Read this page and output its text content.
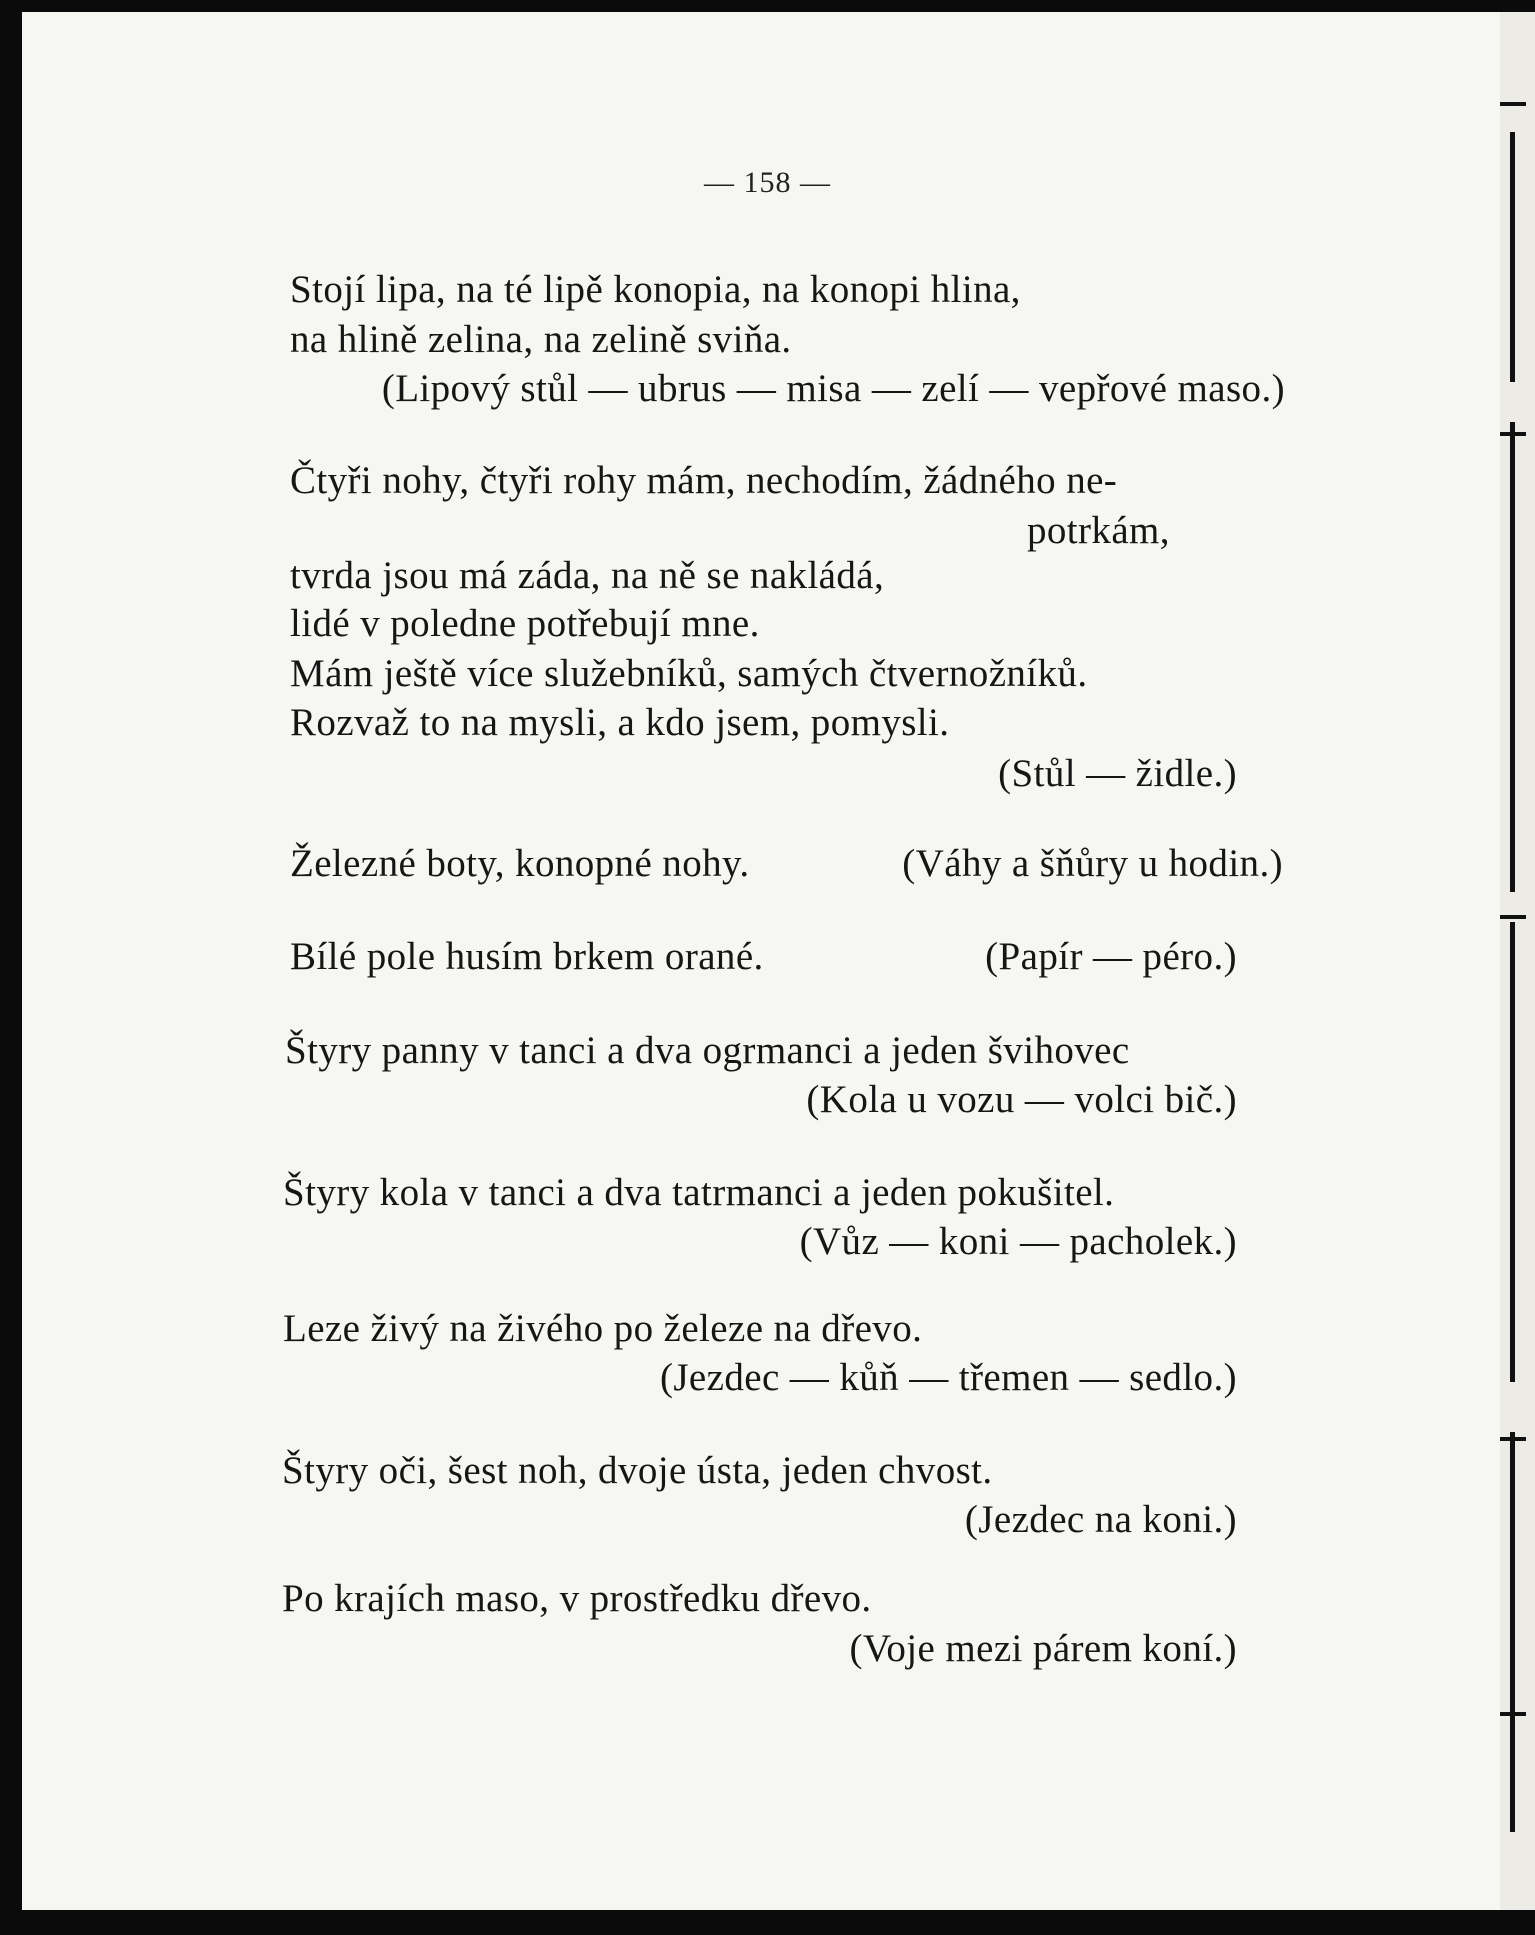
— 158 —
Stojí lipa, na té lipě konopia, na konopi hlina,
na hlině zelina, na zelině sviňa.
(Lipový stůl — ubrus — misa — zelí — vepřové maso.)
Čtyři nohy, čtyři rohy mám, nechodím, žádného ne-
potrkám,
tvrda jsou má záda, na ně se nakládá,
lidé v poledne potřebují mne.
Mám ještě více služebníků, samých čtvernožníků.
Rozvaž to na mysli, a kdo jsem, pomysli.
(Stůl — židle.)
Železné boty, konopné nohy.	(Váhy a šňůry u hodin.)
Bílé pole husím brkem orané.	(Papír — péro.)
Štyry panny v tanci a dva ogrmanci a jeden švihovec
(Kola u vozu — volci bič.)
Štyry kola v tanci a dva tatrmanci a jeden pokušitel.
(Vůz — koni — pacholek.)
Leze živý na živého po železe na dřevo.
(Jezdec — kůň — třemen — sedlo.)
Štyry oči, šest noh, dvoje ústa, jeden chvost.
(Jezdec na koni.)
Po krajích maso, v prostředku dřevo.
(Voje mezi párem koní.)
